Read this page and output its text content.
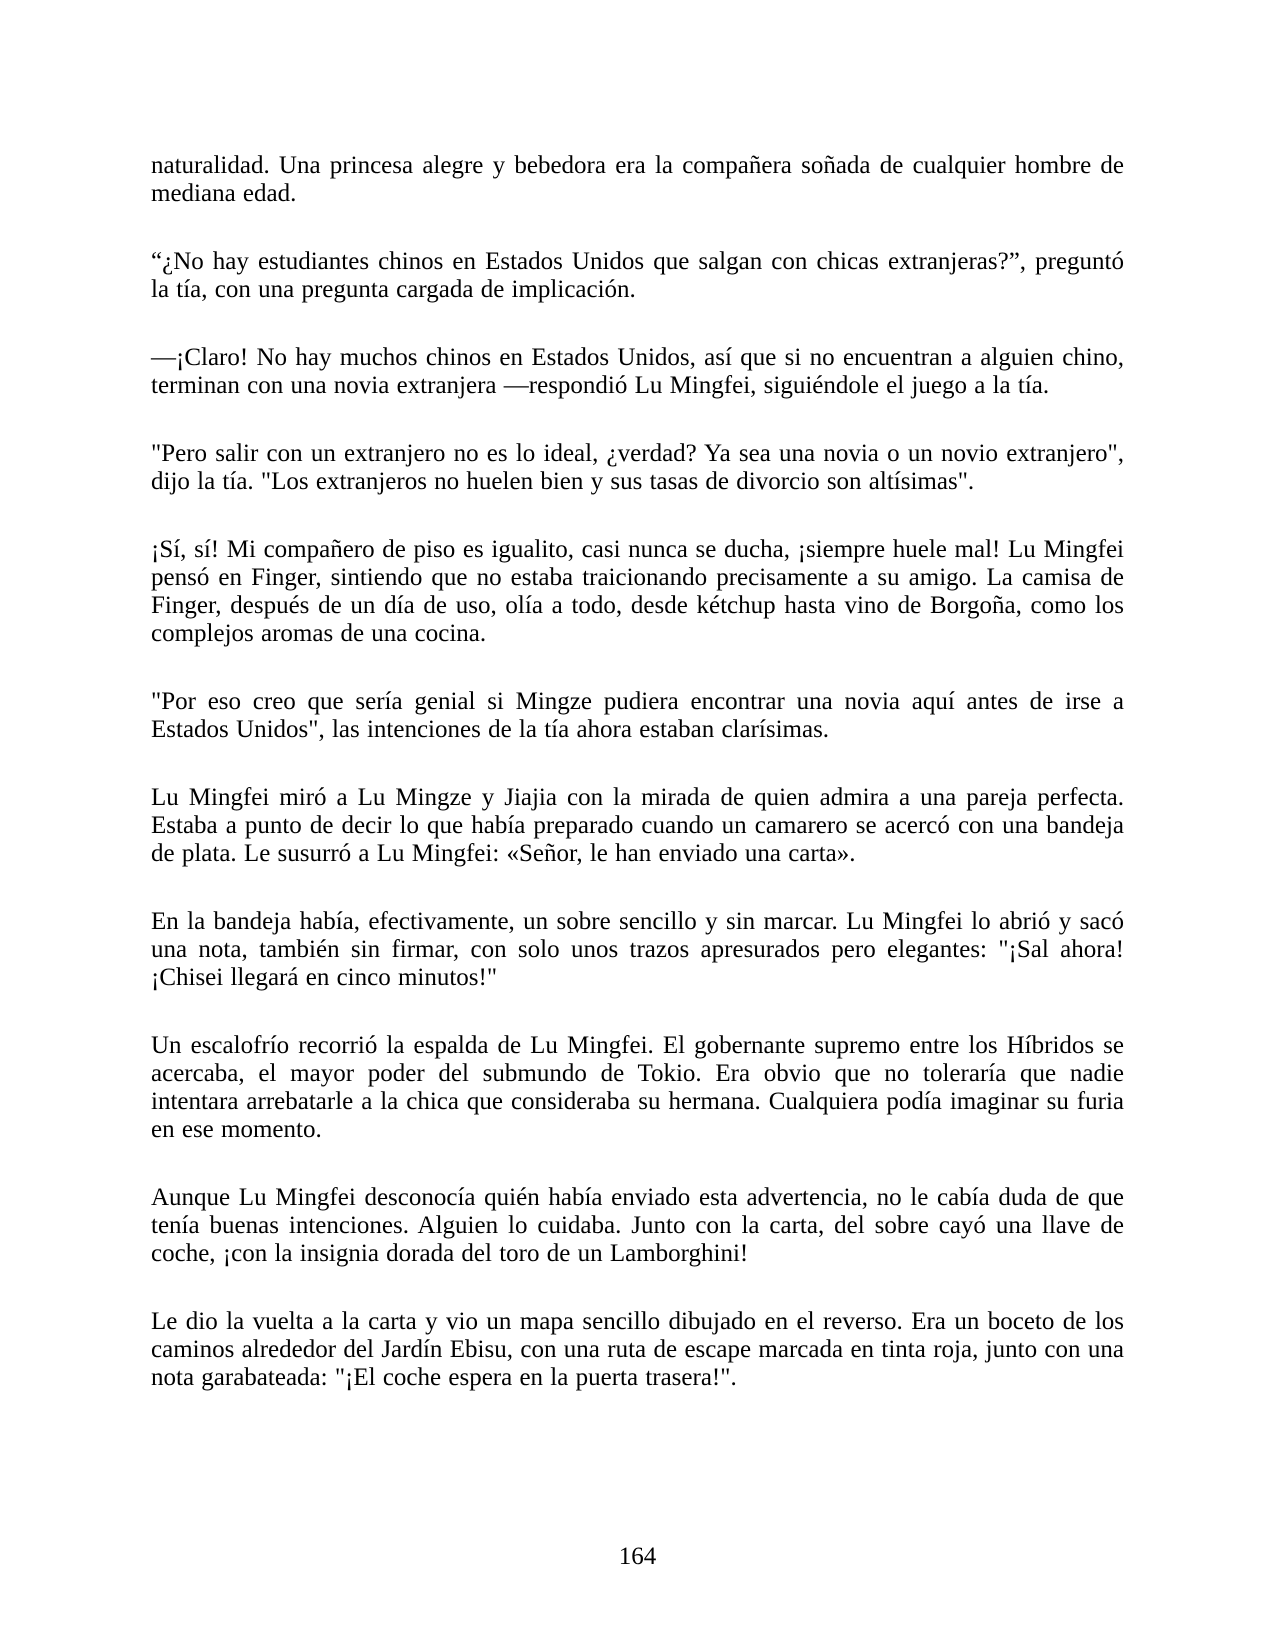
naturalidad. Una princesa alegre y bebedora era la compañera soñada de cualquier hombre de mediana edad.

“¿No hay estudiantes chinos en Estados Unidos que salgan con chicas extranjeras?”, preguntó la tía, con una pregunta cargada de implicación.

—¡Claro! No hay muchos chinos en Estados Unidos, así que si no encuentran a alguien chino, terminan con una novia extranjera —respondió Lu Mingfei, siguiéndole el juego a la tía.

"Pero salir con un extranjero no es lo ideal, ¿verdad? Ya sea una novia o un novio extranjero", dijo la tía. "Los extranjeros no huelen bien y sus tasas de divorcio son altísimas".

¡Sí, sí! Mi compañero de piso es igualito, casi nunca se ducha, ¡siempre huele mal! Lu Mingfei pensó en Finger, sintiendo que no estaba traicionando precisamente a su amigo. La camisa de Finger, después de un día de uso, olía a todo, desde kétchup hasta vino de Borgoña, como los complejos aromas de una cocina.

"Por eso creo que sería genial si Mingze pudiera encontrar una novia aquí antes de irse a Estados Unidos", las intenciones de la tía ahora estaban clarísimas.

Lu Mingfei miró a Lu Mingze y Jiajia con la mirada de quien admira a una pareja perfecta. Estaba a punto de decir lo que había preparado cuando un camarero se acercó con una bandeja de plata. Le susurró a Lu Mingfei: «Señor, le han enviado una carta».

En la bandeja había, efectivamente, un sobre sencillo y sin marcar. Lu Mingfei lo abrió y sacó una nota, también sin firmar, con solo unos trazos apresurados pero elegantes: "¡Sal ahora! ¡Chisei llegará en cinco minutos!"

Un escalofrío recorrió la espalda de Lu Mingfei. El gobernante supremo entre los Híbridos se acercaba, el mayor poder del submundo de Tokio. Era obvio que no toleraría que nadie intentara arrebatarle a la chica que consideraba su hermana. Cualquiera podía imaginar su furia en ese momento.

Aunque Lu Mingfei desconocía quién había enviado esta advertencia, no le cabía duda de que tenía buenas intenciones. Alguien lo cuidaba. Junto con la carta, del sobre cayó una llave de coche, ¡con la insignia dorada del toro de un Lamborghini!

Le dio la vuelta a la carta y vio un mapa sencillo dibujado en el reverso. Era un boceto de los caminos alrededor del Jardín Ebisu, con una ruta de escape marcada en tinta roja, junto con una nota garabateada: "¡El coche espera en la puerta trasera!".

164
